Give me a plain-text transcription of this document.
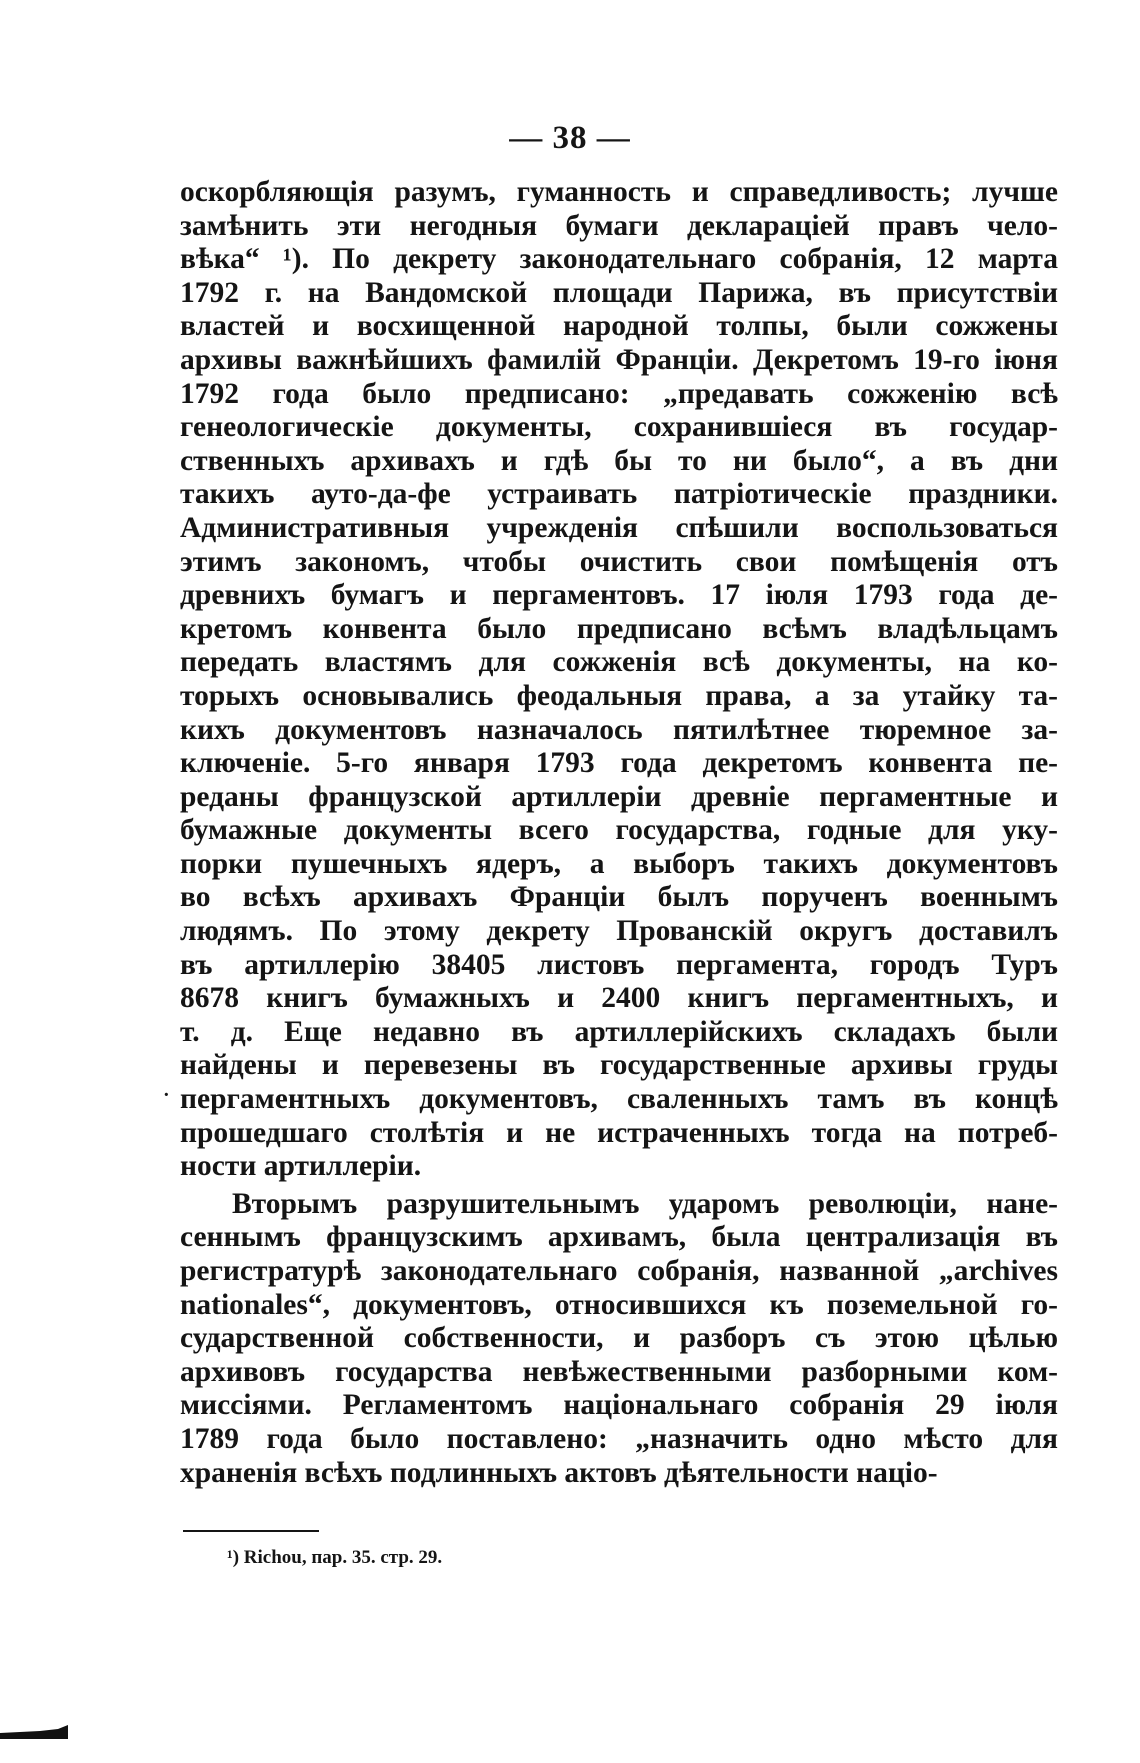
— 38 —
оскорбляющія разумъ, гуманность и справедливость; лучше
замѣнить эти негодныя бумаги декларацiей правъ чело-
вѣка“ ¹). По декрету законодательнаго собранія, 12 марта
1792 г. на Вандомской площади Парижа, въ присутствіи
властей и восхищенной народной толпы, были сожжены
архивы важнѣйшихъ фамилій Франціи. Декретомъ 19-го іюня
1792 года было предписано: „предавать сожженію всѣ
генеологическіе документы, сохранившіеся въ государ-
ственныхъ архивахъ и гдѣ бы то ни было“, а въ дни
такихъ ауто-да-фе устраивать патріотическіе праздники.
Административныя учрежденія спѣшили воспользоваться
этимъ закономъ, чтобы очистить свои помѣщенія отъ
древнихъ бумагъ и пергаментовъ. 17 іюля 1793 года де-
кретомъ конвента было предписано всѣмъ владѣльцамъ
передать властямъ для сожженія всѣ документы, на ко-
торыхъ основывались феодальныя права, а за утайку та-
кихъ документовъ назначалось пятилѣтнее тюремное за-
ключеніе. 5-го января 1793 года декретомъ конвента пе-
реданы французской артиллеріи древніе пергаментные и
бумажные документы всего государства, годные для уку-
порки пушечныхъ ядеръ, а выборъ такихъ документовъ
во всѣхъ архивахъ Франціи былъ порученъ военнымъ
людямъ. По этому декрету Прованскій округъ доставилъ
въ артиллерію 38405 листовъ пергамента, городъ Туръ
8678 книгъ бумажныхъ и 2400 книгъ пергаментныхъ, и
т. д. Еще недавно въ артиллерійскихъ складахъ были
найдены и перевезены въ государственные архивы груды
пергаментныхъ документовъ, сваленныхъ тамъ въ концѣ
прошедшаго столѣтія и не истраченныхъ тогда на потреб-
ности артиллеріи.
Вторымъ разрушительнымъ ударомъ революціи, нане-
сеннымъ французскимъ архивамъ, была централизація въ
регистратурѣ законодательнаго собранія, названной „archives
nationales“, документовъ, относившихся къ поземельной го-
сударственной собственности, и разборъ съ этою цѣлью
архивовъ государства невѣжественными разборными ком-
миссіями. Регламентомъ національнаго собранія 29 іюля
1789 года было поставлено: „назначить одно мѣсто для
храненія всѣхъ подлинныхъ актовъ дѣятельности націо-
·
¹) Richou, пар. 35. стр. 29.
